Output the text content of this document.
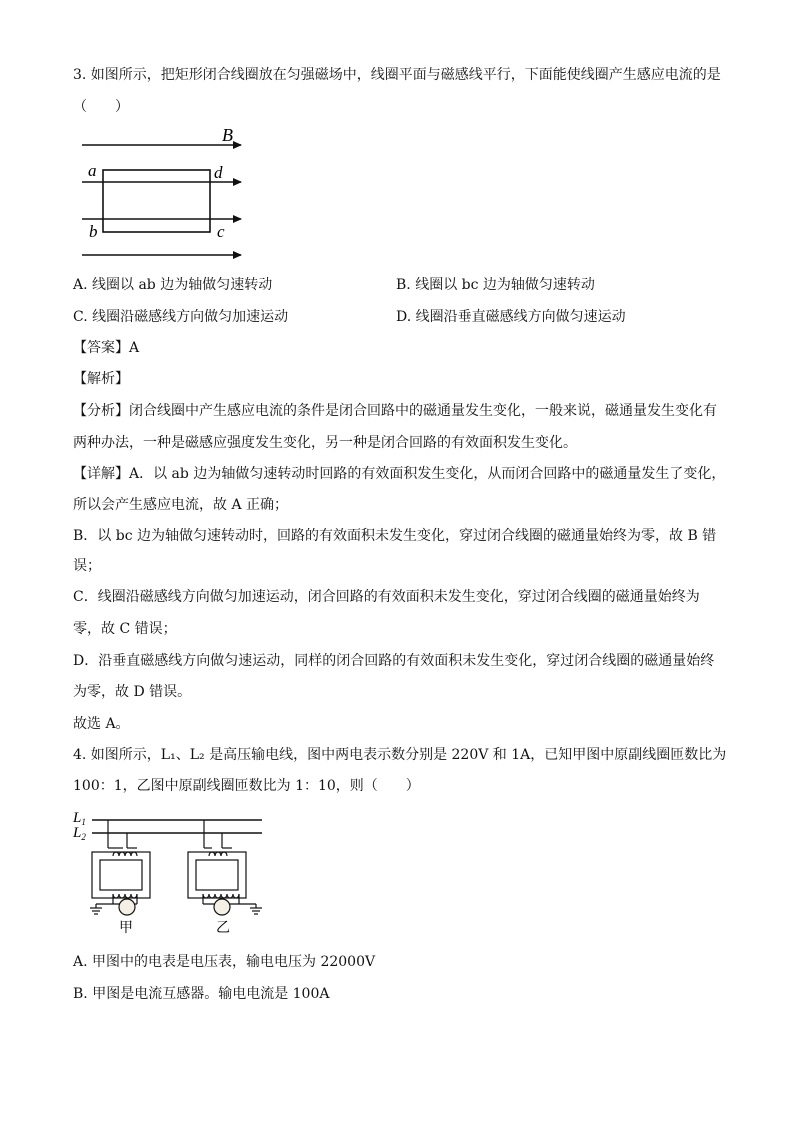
3. 如图所示，把矩形闭合线圈放在匀强磁场中，线圈平面与磁感线平行，下面能使线圈产生感应电流的是
（　　）
B
a	d
b	c
A. 线圈以 ab 边为轴做匀速转动	B. 线圈以 bc 边为轴做匀速转动
C. 线圈沿磁感线方向做匀加速运动	D. 线圈沿垂直磁感线方向做匀速运动
【答案】A
【解析】
【分析】闭合线圈中产生感应电流的条件是闭合回路中的磁通量发生变化，一般来说，磁通量发生变化有
两种办法，一种是磁感应强度发生变化，另一种是闭合回路的有效面积发生变化。
【详解】A．以 ab 边为轴做匀速转动时回路的有效面积发生变化，从而闭合回路中的磁通量发生了变化，
所以会产生感应电流，故 A 正确；
B．以 bc 边为轴做匀速转动时，回路的有效面积未发生变化，穿过闭合线圈的磁通量始终为零，故 B 错
误；
C．线圈沿磁感线方向做匀加速运动，闭合回路的有效面积未发生变化，穿过闭合线圈的磁通量始终为
零，故 C 错误；
D．沿垂直磁感线方向做匀速运动，同样的闭合回路的有效面积未发生变化，穿过闭合线圈的磁通量始终
为零，故 D 错误。
故选 A。
4. 如图所示，L₁、L₂ 是高压输电线，图中两电表示数分别是 220V 和 1A，已知甲图中原副线圈匝数比为
100：1，乙图中原副线圈匝数比为 1：10，则（　　）
$L_1$
$L_2$
甲	乙
A. 甲图中的电表是电压表，输电电压为 22000V
B. 甲图是电流互感器。输电电流是 100A
